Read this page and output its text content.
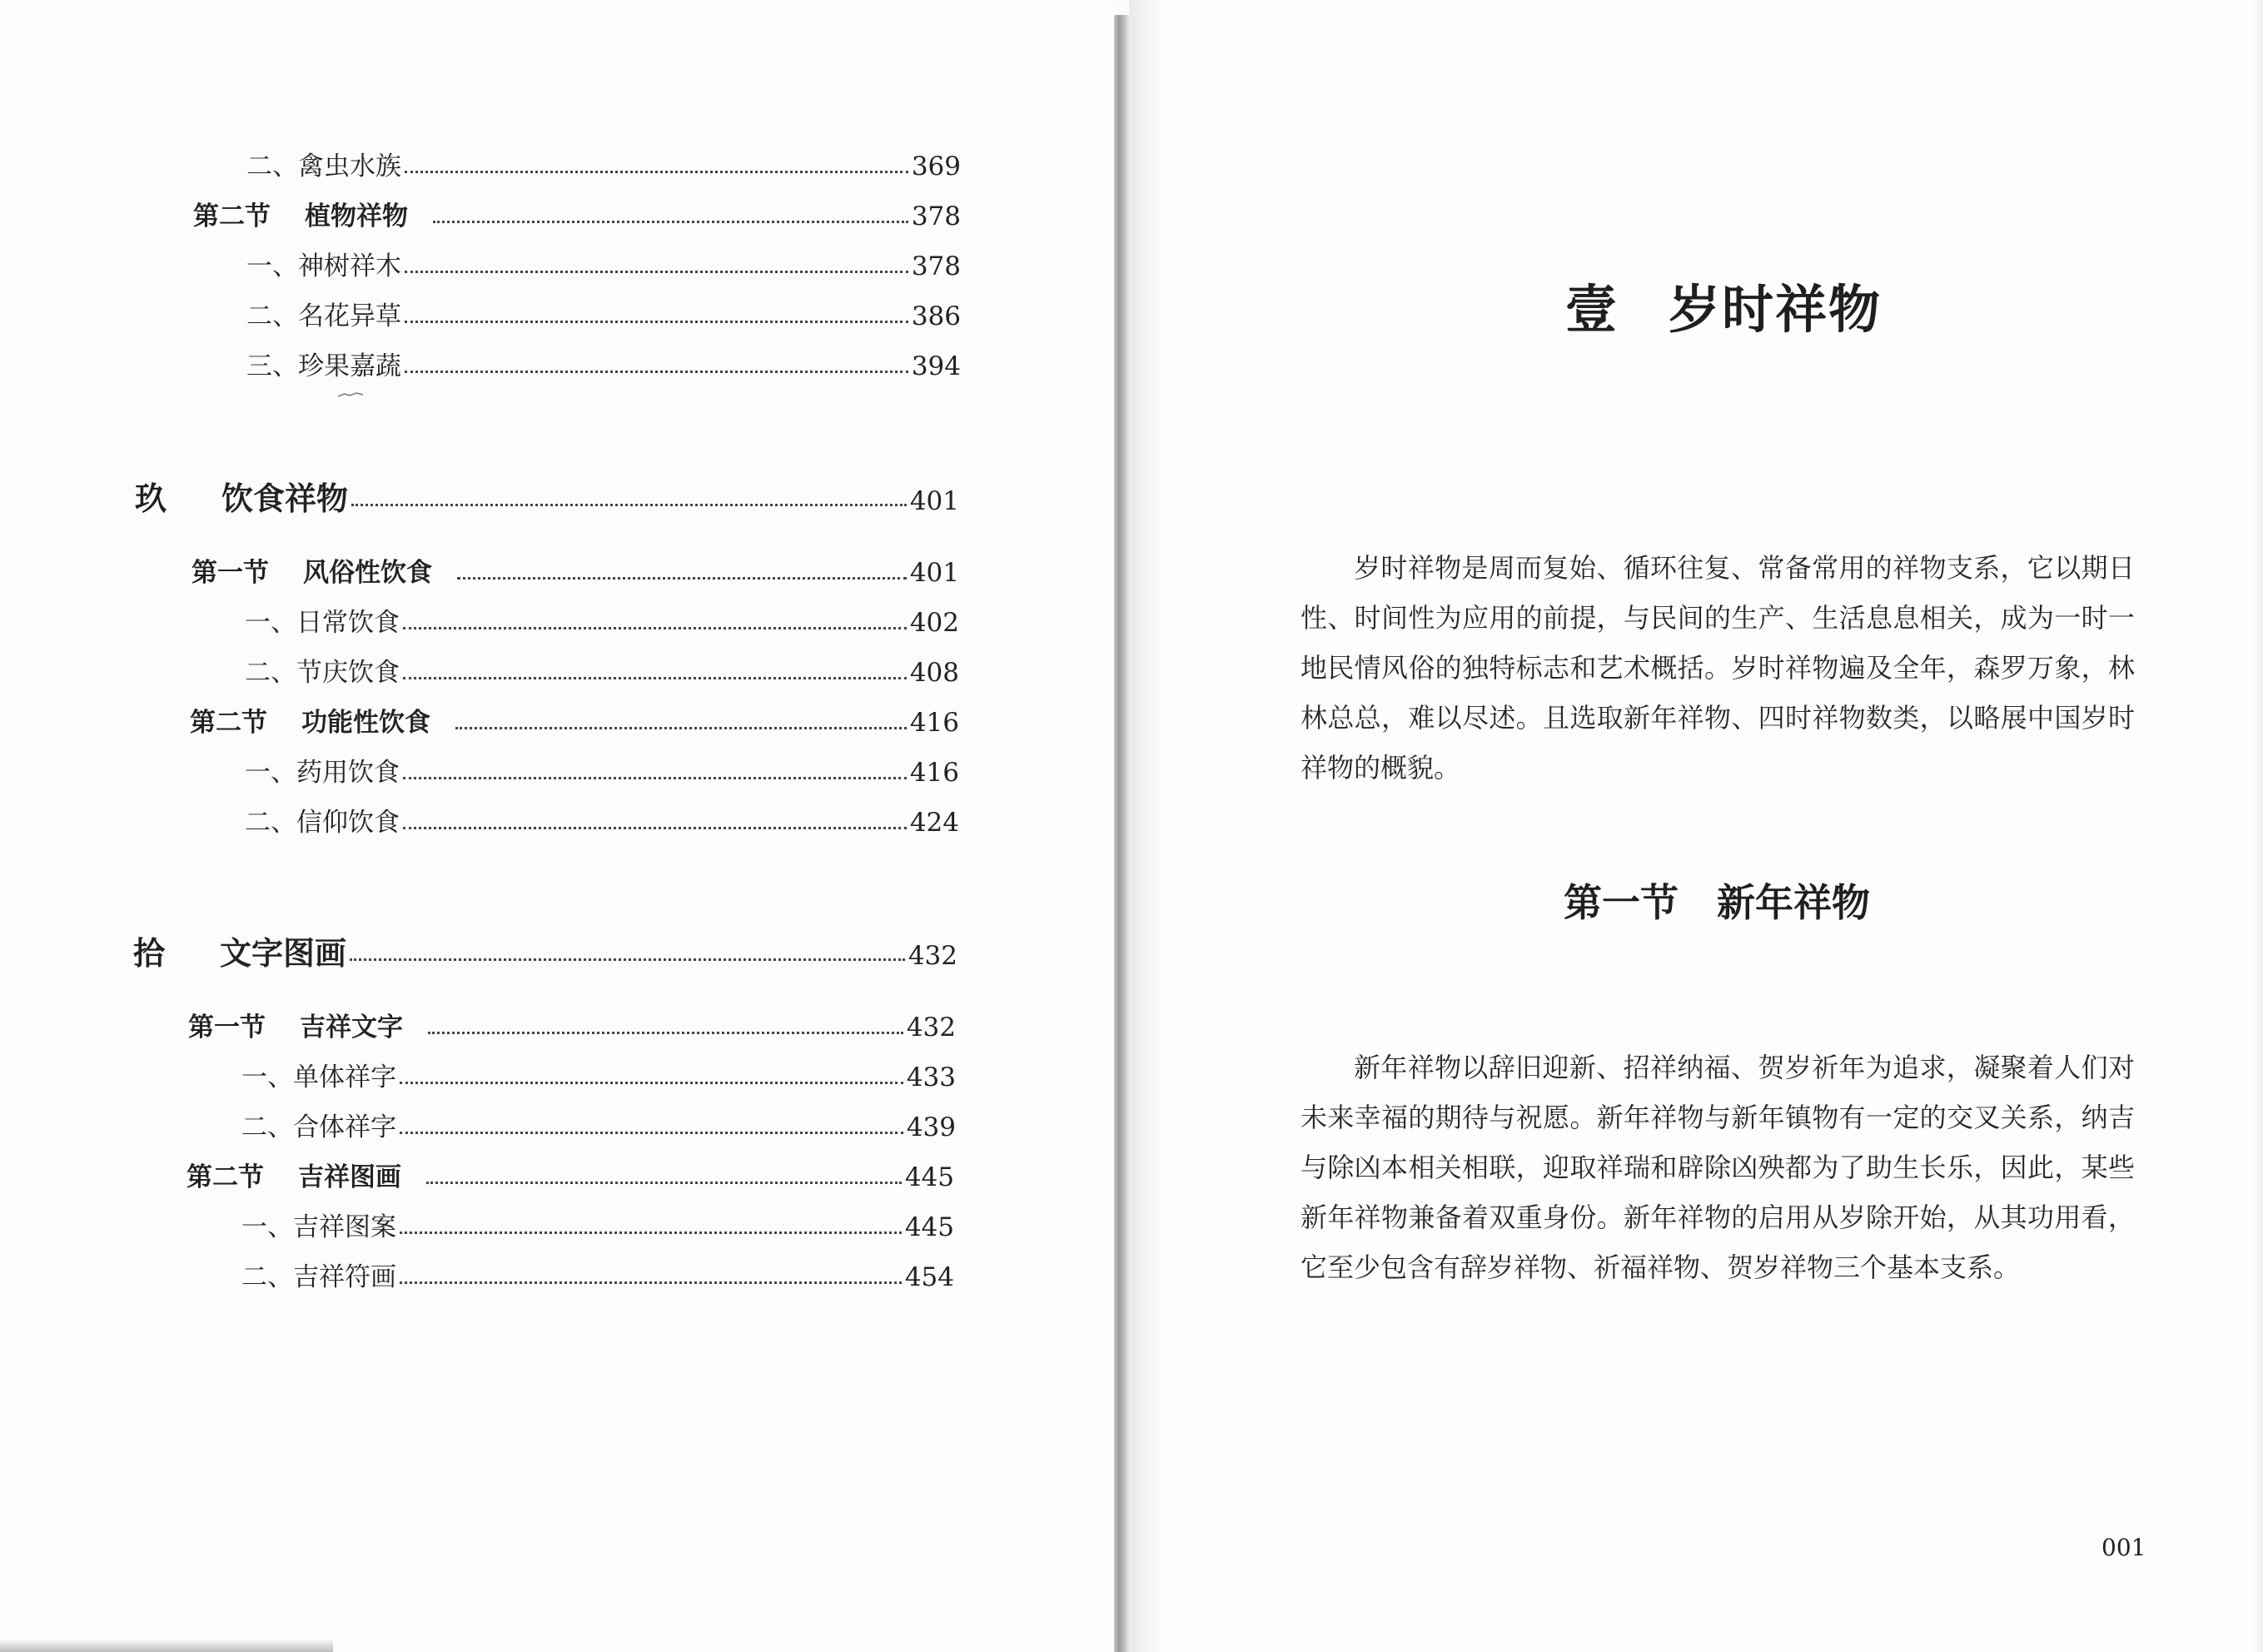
二、禽虫水族	369
第二节	植物祥物	378
一、神树祥木	378
二、名花异草	386
三、珍果嘉蔬	394
玖	饮食祥物	401
第一节	风俗性饮食	401
一、日常饮食	402
二、节庆饮食	408
第二节	功能性饮食	416
一、药用饮食	416
二、信仰饮食	424
拾	文字图画	432
第一节	吉祥文字	432
一、单体祥字	433
二、合体祥字	439
第二节	吉祥图画	445
一、吉祥图案	445
二、吉祥符画	454
壹 岁时祥物

岁时祥物是周而复始、循环往复、常备常用的祥物支系，它以期日性、时间性为应用的前提，与民间的生产、生活息息相关，成为一时一地民情风俗的独特标志和艺术概括。岁时祥物遍及全年，森罗万象，林林总总，难以尽述。且选取新年祥物、四时祥物数类，以略展中国岁时祥物的概貌。

第一节 新年祥物

新年祥物以辞旧迎新、招祥纳福、贺岁祈年为追求，凝聚着人们对未来幸福的期待与祝愿。新年祥物与新年镇物有一定的交叉关系，纳吉与除凶本相关相联，迎取祥瑞和辟除凶殃都为了助生长乐，因此，某些新年祥物兼备着双重身份。新年祥物的启用从岁除开始，从其功用看，它至少包含有辞岁祥物、祈福祥物、贺岁祥物三个基本支系。

001
